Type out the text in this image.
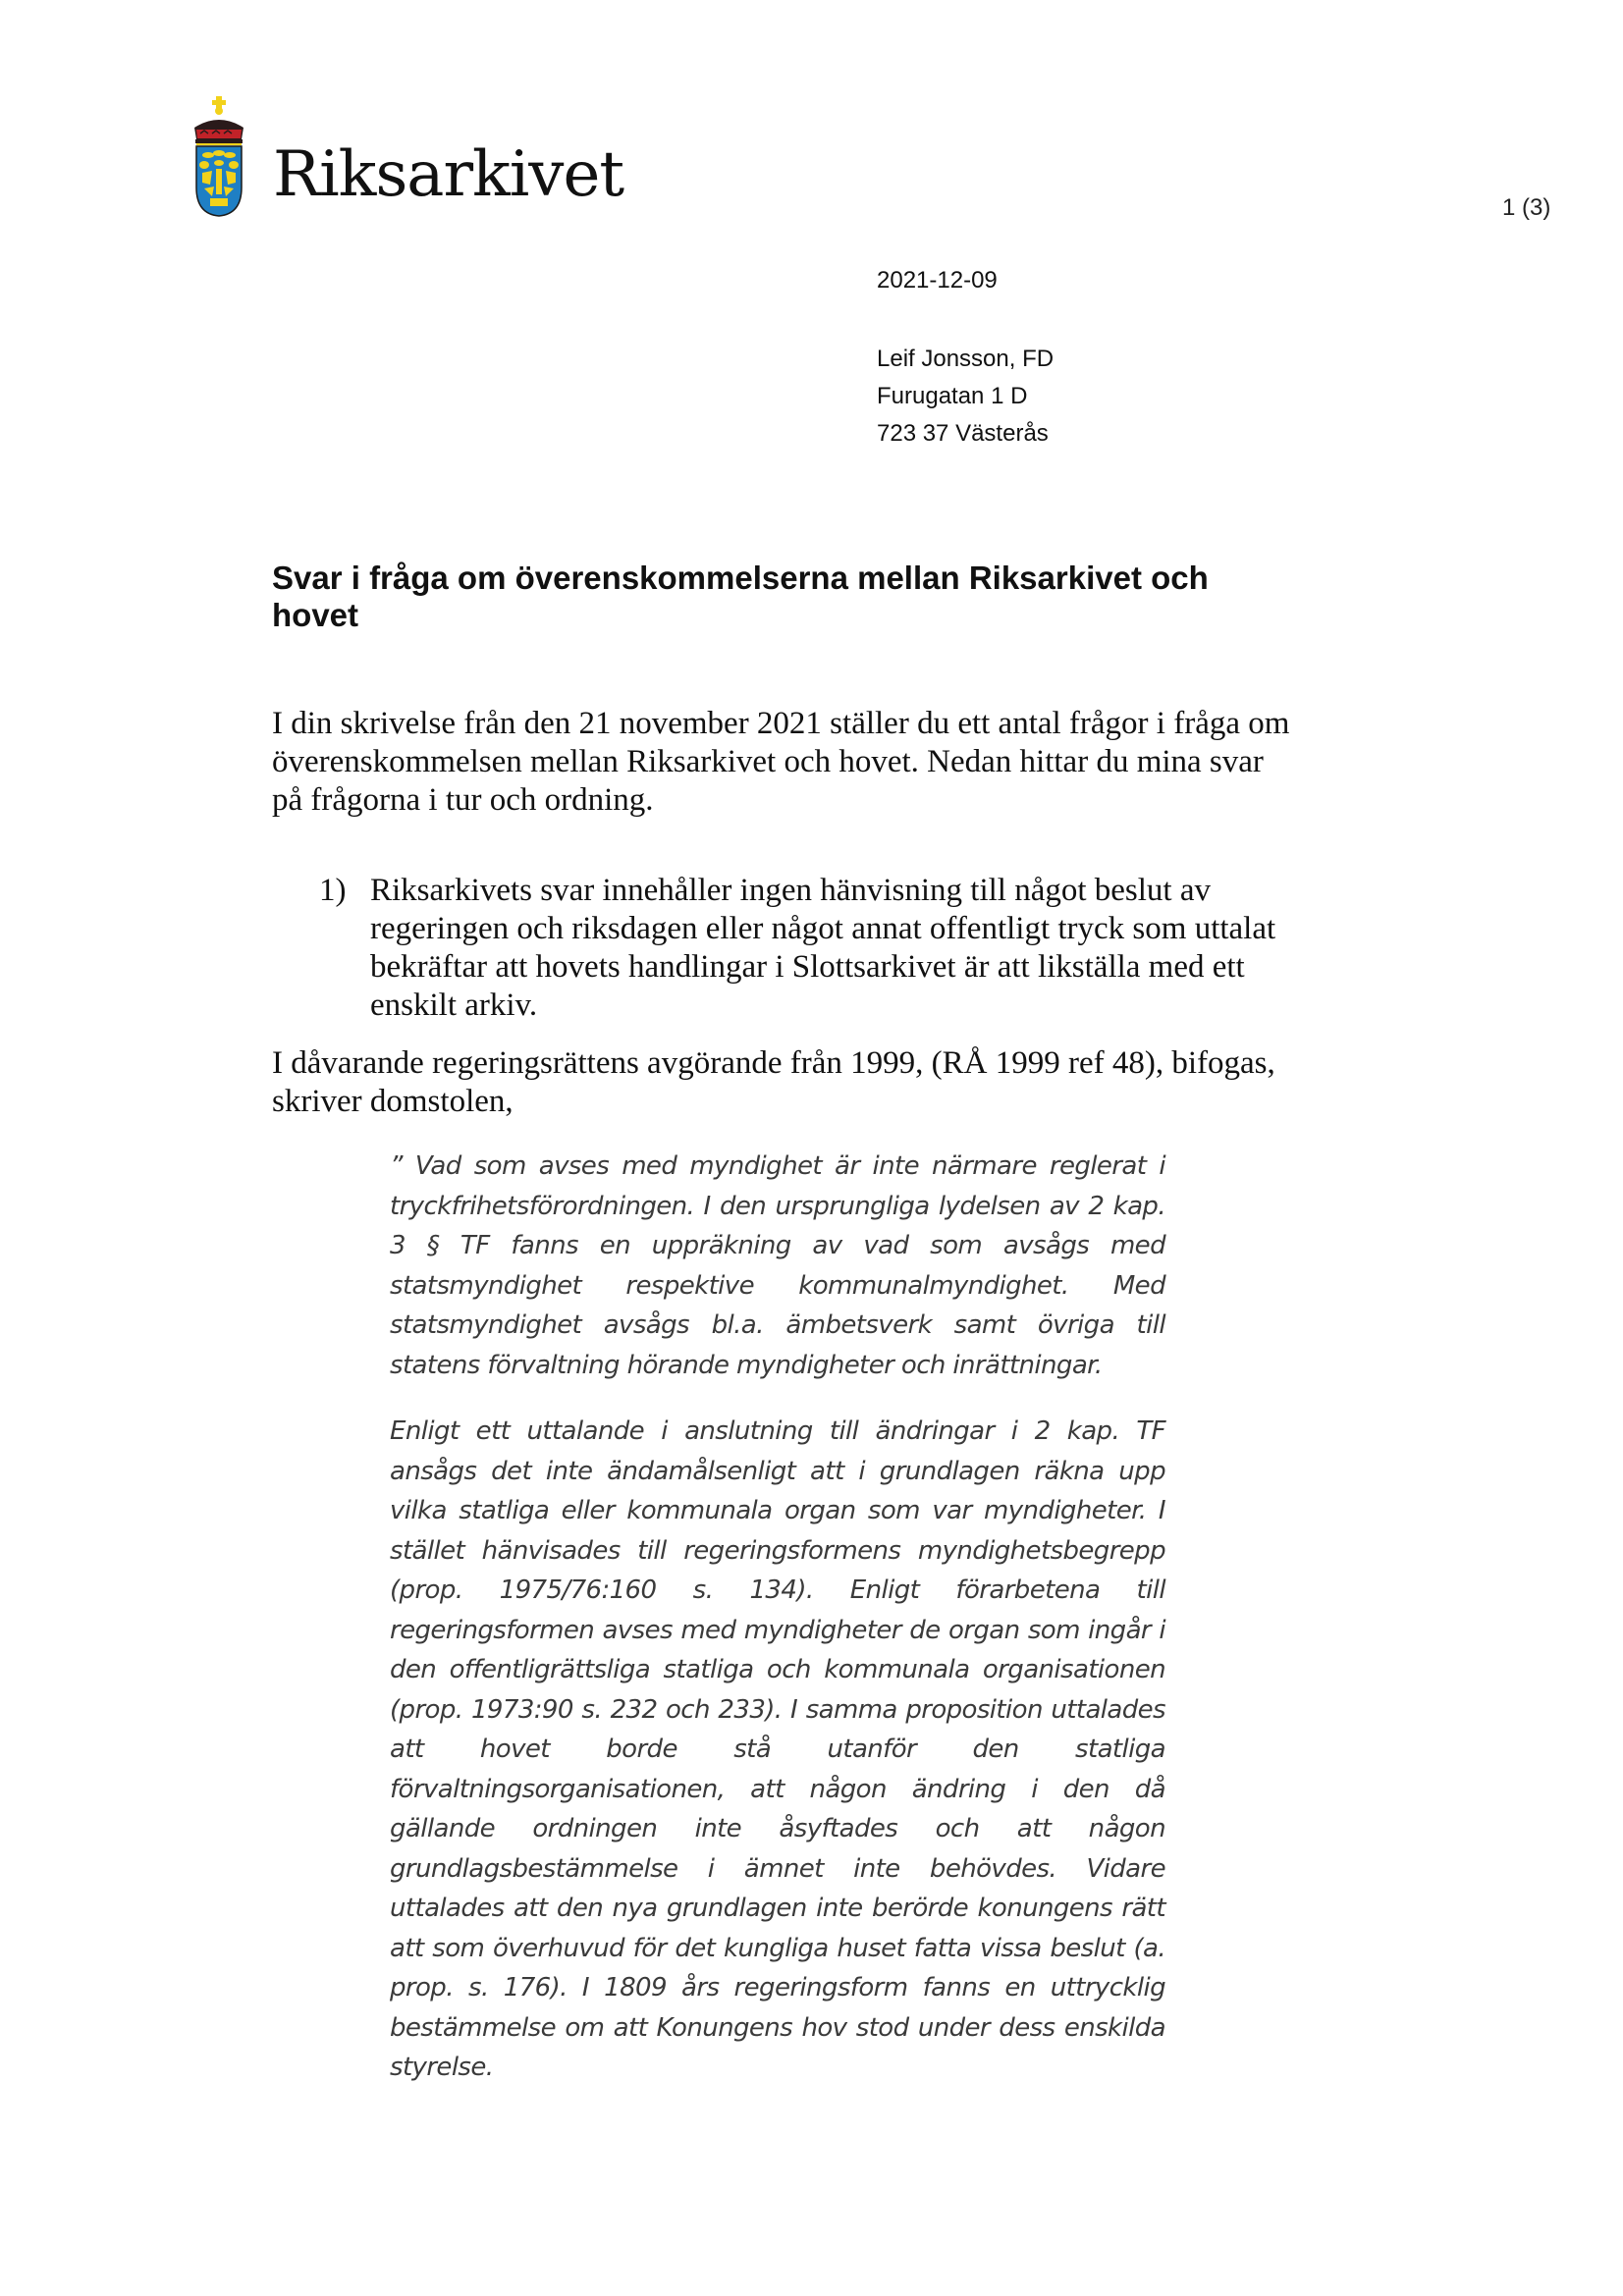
Riksarkivet	1 (3)
2021-12-09
Leif Jonsson, FD
Furugatan 1 D
723 37 Västerås
Svar i fråga om överenskommelserna mellan Riksarkivet och
hovet
I din skrivelse från den 21 november 2021 ställer du ett antal frågor i fråga om överenskommelsen mellan Riksarkivet och hovet. Nedan hittar du mina svar på frågorna i tur och ordning.
1) Riksarkivets svar innehåller ingen hänvisning till något beslut av regeringen och riksdagen eller något annat offentligt tryck som uttalat bekräftar att hovets handlingar i Slottsarkivet är att likställa med ett enskilt arkiv.
I dåvarande regeringsrättens avgörande från 1999, (RÅ 1999 ref 48), bifogas, skriver domstolen,
” Vad som avses med myndighet är inte närmare reglerat i tryckfrihetsförordningen. I den ursprungliga lydelsen av 2 kap. 3 § TF fanns en uppräkning av vad som avsågs med statsmyndighet respektive kommunalmyndighet. Med statsmyndighet avsågs bl.a. ämbetsverk samt övriga till statens förvaltning hörande myndigheter och inrättningar.
Enligt ett uttalande i anslutning till ändringar i 2 kap. TF ansågs det inte ändamålsenligt att i grundlagen räkna upp vilka statliga eller kommunala organ som var myndigheter. I stället hänvisades till regeringsformens myndighetsbegrepp (prop. 1975/76:160 s. 134). Enligt förarbetena till regeringsformen avses med myndigheter de organ som ingår i den offentligrättsliga statliga och kommunala organisationen (prop. 1973:90 s. 232 och 233). I samma proposition uttalades att hovet borde stå utanför den statliga förvaltningsorganisationen, att någon ändring i den då gällande ordningen inte åsyftades och att någon grundlagsbestämmelse i ämnet inte behövdes. Vidare uttalades att den nya grundlagen inte berörde konungens rätt att som överhuvud för det kungliga huset fatta vissa beslut (a. prop. s. 176). I 1809 års regeringsform fanns en uttrycklig bestämmelse om att Konungens hov stod under dess enskilda styrelse.
